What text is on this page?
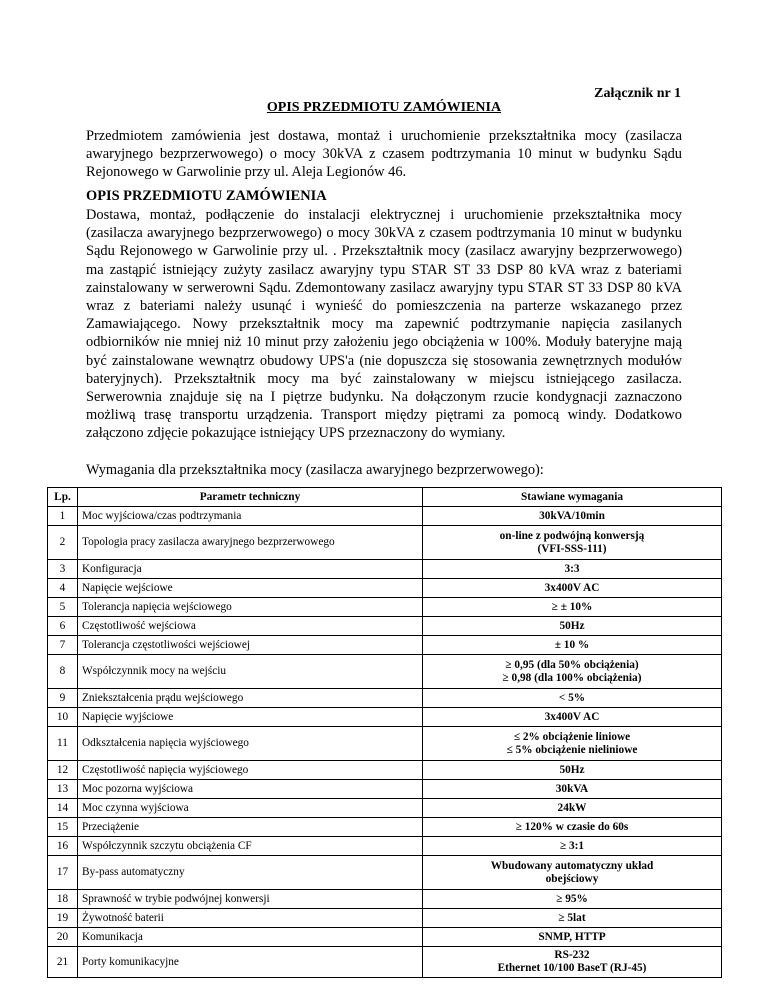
Załącznik nr 1
OPIS PRZEDMIOTU ZAMÓWIENIA

Przedmiotem zamówienia jest dostawa, montaż i uruchomienie przekształtnika mocy (zasilacza awaryjnego bezprzerwowego) o mocy 30kVA z czasem podtrzymania 10 minut w budynku Sądu Rejonowego w Garwolinie przy ul. Aleja Legionów 46.

OPIS PRZEDMIOTU ZAMÓWIENIA

Dostawa, montaż, podłączenie do instalacji elektrycznej i uruchomienie przekształtnika mocy (zasilacza awaryjnego bezprzerwowego) o mocy 30kVA z czasem podtrzymania 10 minut w budynku Sądu Rejonowego w Garwolinie przy ul. . Przekształtnik mocy (zasilacz awaryjny bezprzerwowego) ma zastąpić istniejący zużyty zasilacz awaryjny typu STAR ST 33 DSP 80 kVA wraz z bateriami zainstalowany w serwerowni Sądu. Zdemontowany zasilacz awaryjny typu STAR ST 33 DSP 80 kVA wraz z bateriami należy usunąć i wynieść do pomieszczenia na parterze wskazanego przez Zamawiającego. Nowy przekształtnik mocy ma zapewnić podtrzymanie napięcia zasilanych odbiorników nie mniej niż 10 minut przy założeniu jego obciążenia w 100%. Moduły bateryjne mają być zainstalowane wewnątrz obudowy UPS'a (nie dopuszcza się stosowania zewnętrznych modułów bateryjnych). Przekształtnik mocy ma być zainstalowany w miejscu istniejącego zasilacza. Serwerownia znajduje się na I piętrze budynku. Na dołączonym rzucie kondygnacji zaznaczono możliwą trasę transportu urządzenia. Transport między piętrami za pomocą windy. Dodatkowo załączono zdjęcie pokazujące istniejący UPS przeznaczony do wymiany.

Wymagania dla przekształtnika mocy (zasilacza awaryjnego bezprzerwowego):

Lp.	Parametr techniczny	Stawiane wymagania
1	Moc wyjściowa/czas podtrzymania	30kVA/10min

2	Topologia pracy zasilacza awaryjnego bezprzerwowego	on-line z podwójną konwersją
(VFI-SSS-111)

3	Konfiguracja	3:3

4	Napięcie wejściowe	3x400V AC

5	Tolerancja napięcia wejściowego	≥ ± 10%

6	Częstotliwość wejściowa	50Hz

7	Tolerancja częstotliwości wejściowej	± 10 %

8	Współczynnik mocy na wejściu	≥ 0,95 (dla 50% obciążenia)
≥ 0,98 (dla 100% obciążenia)

9	Zniekształcenia prądu wejściowego	< 5%

10	Napięcie wyjściowe	3x400V AC

11	Odkształcenia napięcia wyjściowego	≤ 2% obciążenie liniowe
≤ 5% obciążenie nieliniowe

12	Częstotliwość napięcia wyjściowego	50Hz

13	Moc pozorna wyjściowa	30kVA

14	Moc czynna wyjściowa	24kW

15	Przeciążenie	≥ 120% w czasie do 60s

16	Współczynnik szczytu obciążenia CF	≥ 3:1

17	By-pass automatyczny	Wbudowany automatyczny układ
obejściowy

18	Sprawność w trybie podwójnej konwersji	≥ 95%

19	Żywotność baterii	≥ 5lat

20	Komunikacja	SNMP, HTTP

21	Porty komunikacyjne	RS-232
Ethernet 10/100 BaseT (RJ-45)
